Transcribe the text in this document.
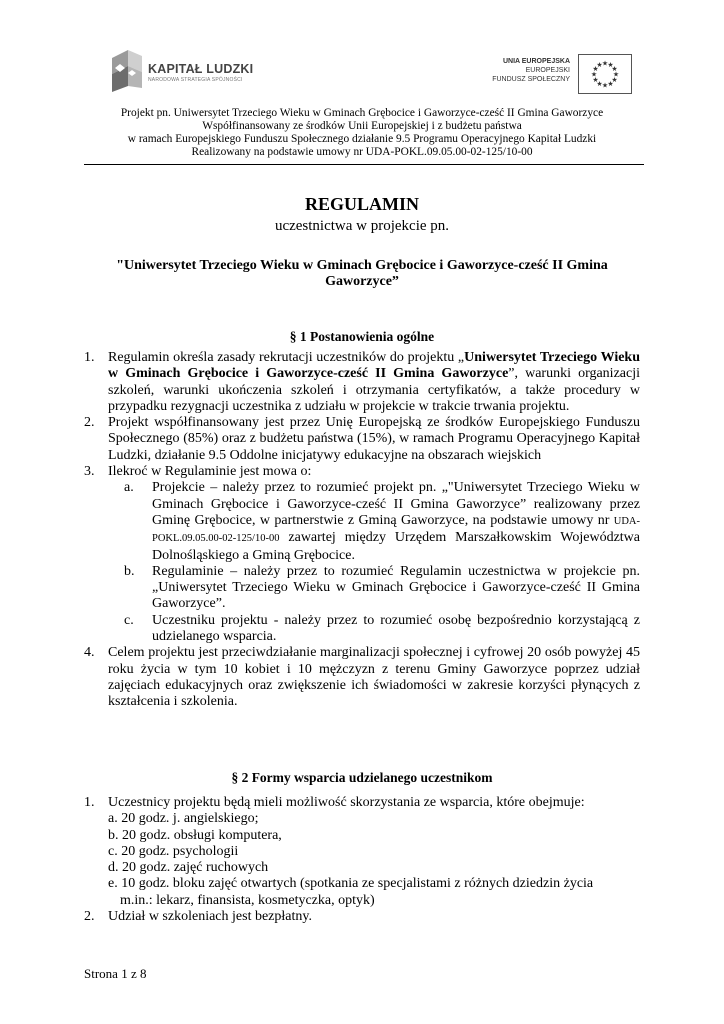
KAPITAŁ LUDZKI
NARODOWA STRATEGIA SPÓJNOŚCI
UNIA EUROPEJSKA
EUROPEJSKI
FUNDUSZ SPOŁECZNY
★
★
★
★
★
★
★
★
★ ★ ★
★
Projekt pn. Uniwersytet Trzeciego Wieku w Gminach Grębocice i Gaworzyce-cześć II Gmina Gaworzyce
Współfinansowany ze środków Unii Europejskiej i z budżetu państwa
w ramach Europejskiego Funduszu Społecznego działanie 9.5 Programu Operacyjnego Kapitał Ludzki
Realizowany na podstawie umowy nr UDA-POKL.09.05.00-02-125/10-00
REGULAMIN
uczestnictwa w projekcie pn.
"Uniwersytet Trzeciego Wieku w Gminach Grębocice i Gaworzyce-cześć II Gmina Gaworzyce”
§ 1 Postanowienia ogólne
1. Regulamin określa zasady rekrutacji uczestników do projektu „Uniwersytet Trzeciego Wieku w Gminach Grębocice i Gaworzyce-cześć II Gmina Gaworzyce”, warunki organizacji szkoleń, warunki ukończenia szkoleń i otrzymania certyfikatów, a także procedury w przypadku rezygnacji uczestnika z udziału w projekcie w trakcie trwania projektu.
2. Projekt współfinansowany jest przez Unię Europejską ze środków Europejskiego Funduszu Społecznego (85%) oraz z budżetu państwa (15%), w ramach Programu Operacyjnego Kapitał Ludzki, działanie 9.5 Oddolne inicjatywy edukacyjne na obszarach wiejskich
3. Ilekroć w Regulaminie jest mowa o:
a. Projekcie – należy przez to rozumieć projekt pn. „"Uniwersytet Trzeciego Wieku w Gminach Grębocice i Gaworzyce-cześć II Gmina Gaworzyce” realizowany przez Gminę Grębocice, w partnerstwie z Gminą Gaworzyce, na podstawie umowy nr UDA-POKL.09.05.00-02-125/10-00 zawartej między Urzędem Marszałkowskim Województwa Dolnośląskiego a Gminą Grębocice.
b. Regulaminie – należy przez to rozumieć Regulamin uczestnictwa w projekcie pn. „Uniwersytet Trzeciego Wieku w Gminach Grębocice i Gaworzyce-cześć II Gmina Gaworzyce”.
c. Uczestniku projektu - należy przez to rozumieć osobę bezpośrednio korzystającą z udzielanego wsparcia.
4. Celem projektu jest przeciwdziałanie marginalizacji społecznej i cyfrowej 20 osób powyżej 45 roku życia w tym 10 kobiet i 10 mężczyzn z terenu Gminy Gaworzyce poprzez udział zajęciach edukacyjnych oraz zwiększenie ich świadomości w zakresie korzyści płynących z kształcenia i szkolenia.
§ 2 Formy wsparcia udzielanego uczestnikom
1. Uczestnicy projektu będą mieli możliwość skorzystania ze wsparcia, które obejmuje:
a. 20 godz. j. angielskiego;
b. 20 godz. obsługi komputera,
c. 20 godz. psychologii
d. 20 godz. zajęć ruchowych
e. 10 godz. bloku zajęć otwartych (spotkania ze specjalistami z różnych dziedzin życia
m.in.: lekarz, finansista, kosmetyczka, optyk)
2. Udział w szkoleniach jest bezpłatny.
Strona 1 z 8
